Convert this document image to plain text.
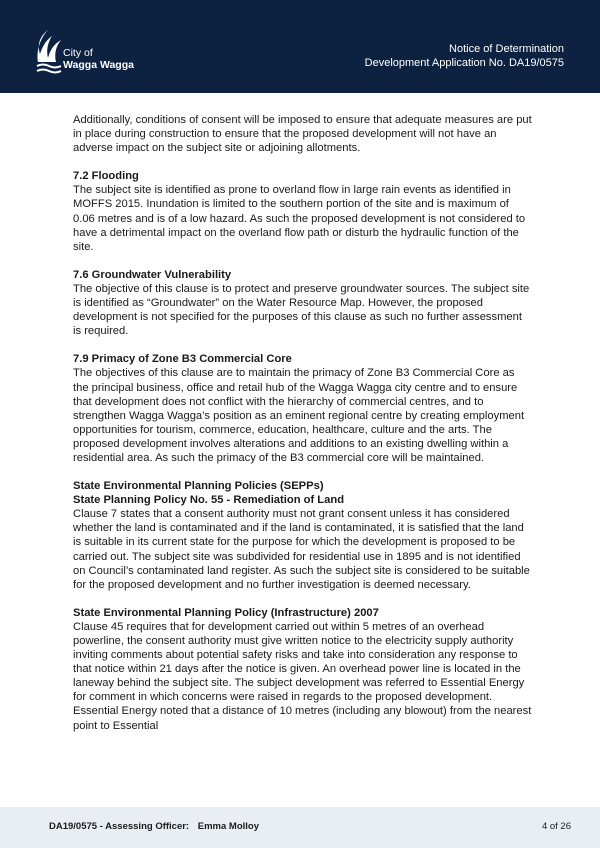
City of
Wagga Wagga
Notice of Determination
Development Application No. DA19/0575

Additionally, conditions of consent will be imposed to ensure that adequate measures are put in place during construction to ensure that the proposed development will not have an adverse impact on the subject site or adjoining allotments.

7.2 Flooding

The subject site is identified as prone to overland flow in large rain events as identified in MOFFS 2015. Inundation is limited to the southern portion of the site and is maximum of 0.06 metres and is of a low hazard. As such the proposed development is not considered to have a detrimental impact on the overland flow path or disturb the hydraulic function of the site.

7.6 Groundwater Vulnerability

The objective of this clause is to protect and preserve groundwater sources. The subject site is identified as “Groundwater” on the Water Resource Map. However, the proposed development is not specified for the purposes of this clause as such no further assessment is required.

7.9 Primacy of Zone B3 Commercial Core

The objectives of this clause are to maintain the primacy of Zone B3 Commercial Core as the principal business, office and retail hub of the Wagga Wagga city centre and to ensure that development does not conflict with the hierarchy of commercial centres, and to strengthen Wagga Wagga’s position as an eminent regional centre by creating employment opportunities for tourism, commerce, education, healthcare, culture and the arts. The proposed development involves alterations and additions to an existing dwelling within a residential area. As such the primacy of the B3 commercial core will be maintained.

State Environmental Planning Policies (SEPPs)
State Planning Policy No. 55 - Remediation of Land

Clause 7 states that a consent authority must not grant consent unless it has considered whether the land is contaminated and if the land is contaminated, it is satisfied that the land is suitable in its current state for the purpose for which the development is proposed to be carried out. The subject site was subdivided for residential use in 1895 and is not identified on Council’s contaminated land register. As such the subject site is considered to be suitable for the proposed development and no further investigation is deemed necessary.

State Environmental Planning Policy (Infrastructure) 2007

Clause 45 requires that for development carried out within 5 metres of an overhead powerline, the consent authority must give written notice to the electricity supply authority inviting comments about potential safety risks and take into consideration any response to that notice within 21 days after the notice is given. An overhead power line is located in the laneway behind the subject site. The subject development was referred to Essential Energy for comment in which concerns were raised in regards to the proposed development. Essential Energy noted that a distance of 10 metres (including any blowout) from the nearest point to Essential

DA19/0575 - Assessing Officer: Emma Molloy	4 of 26
